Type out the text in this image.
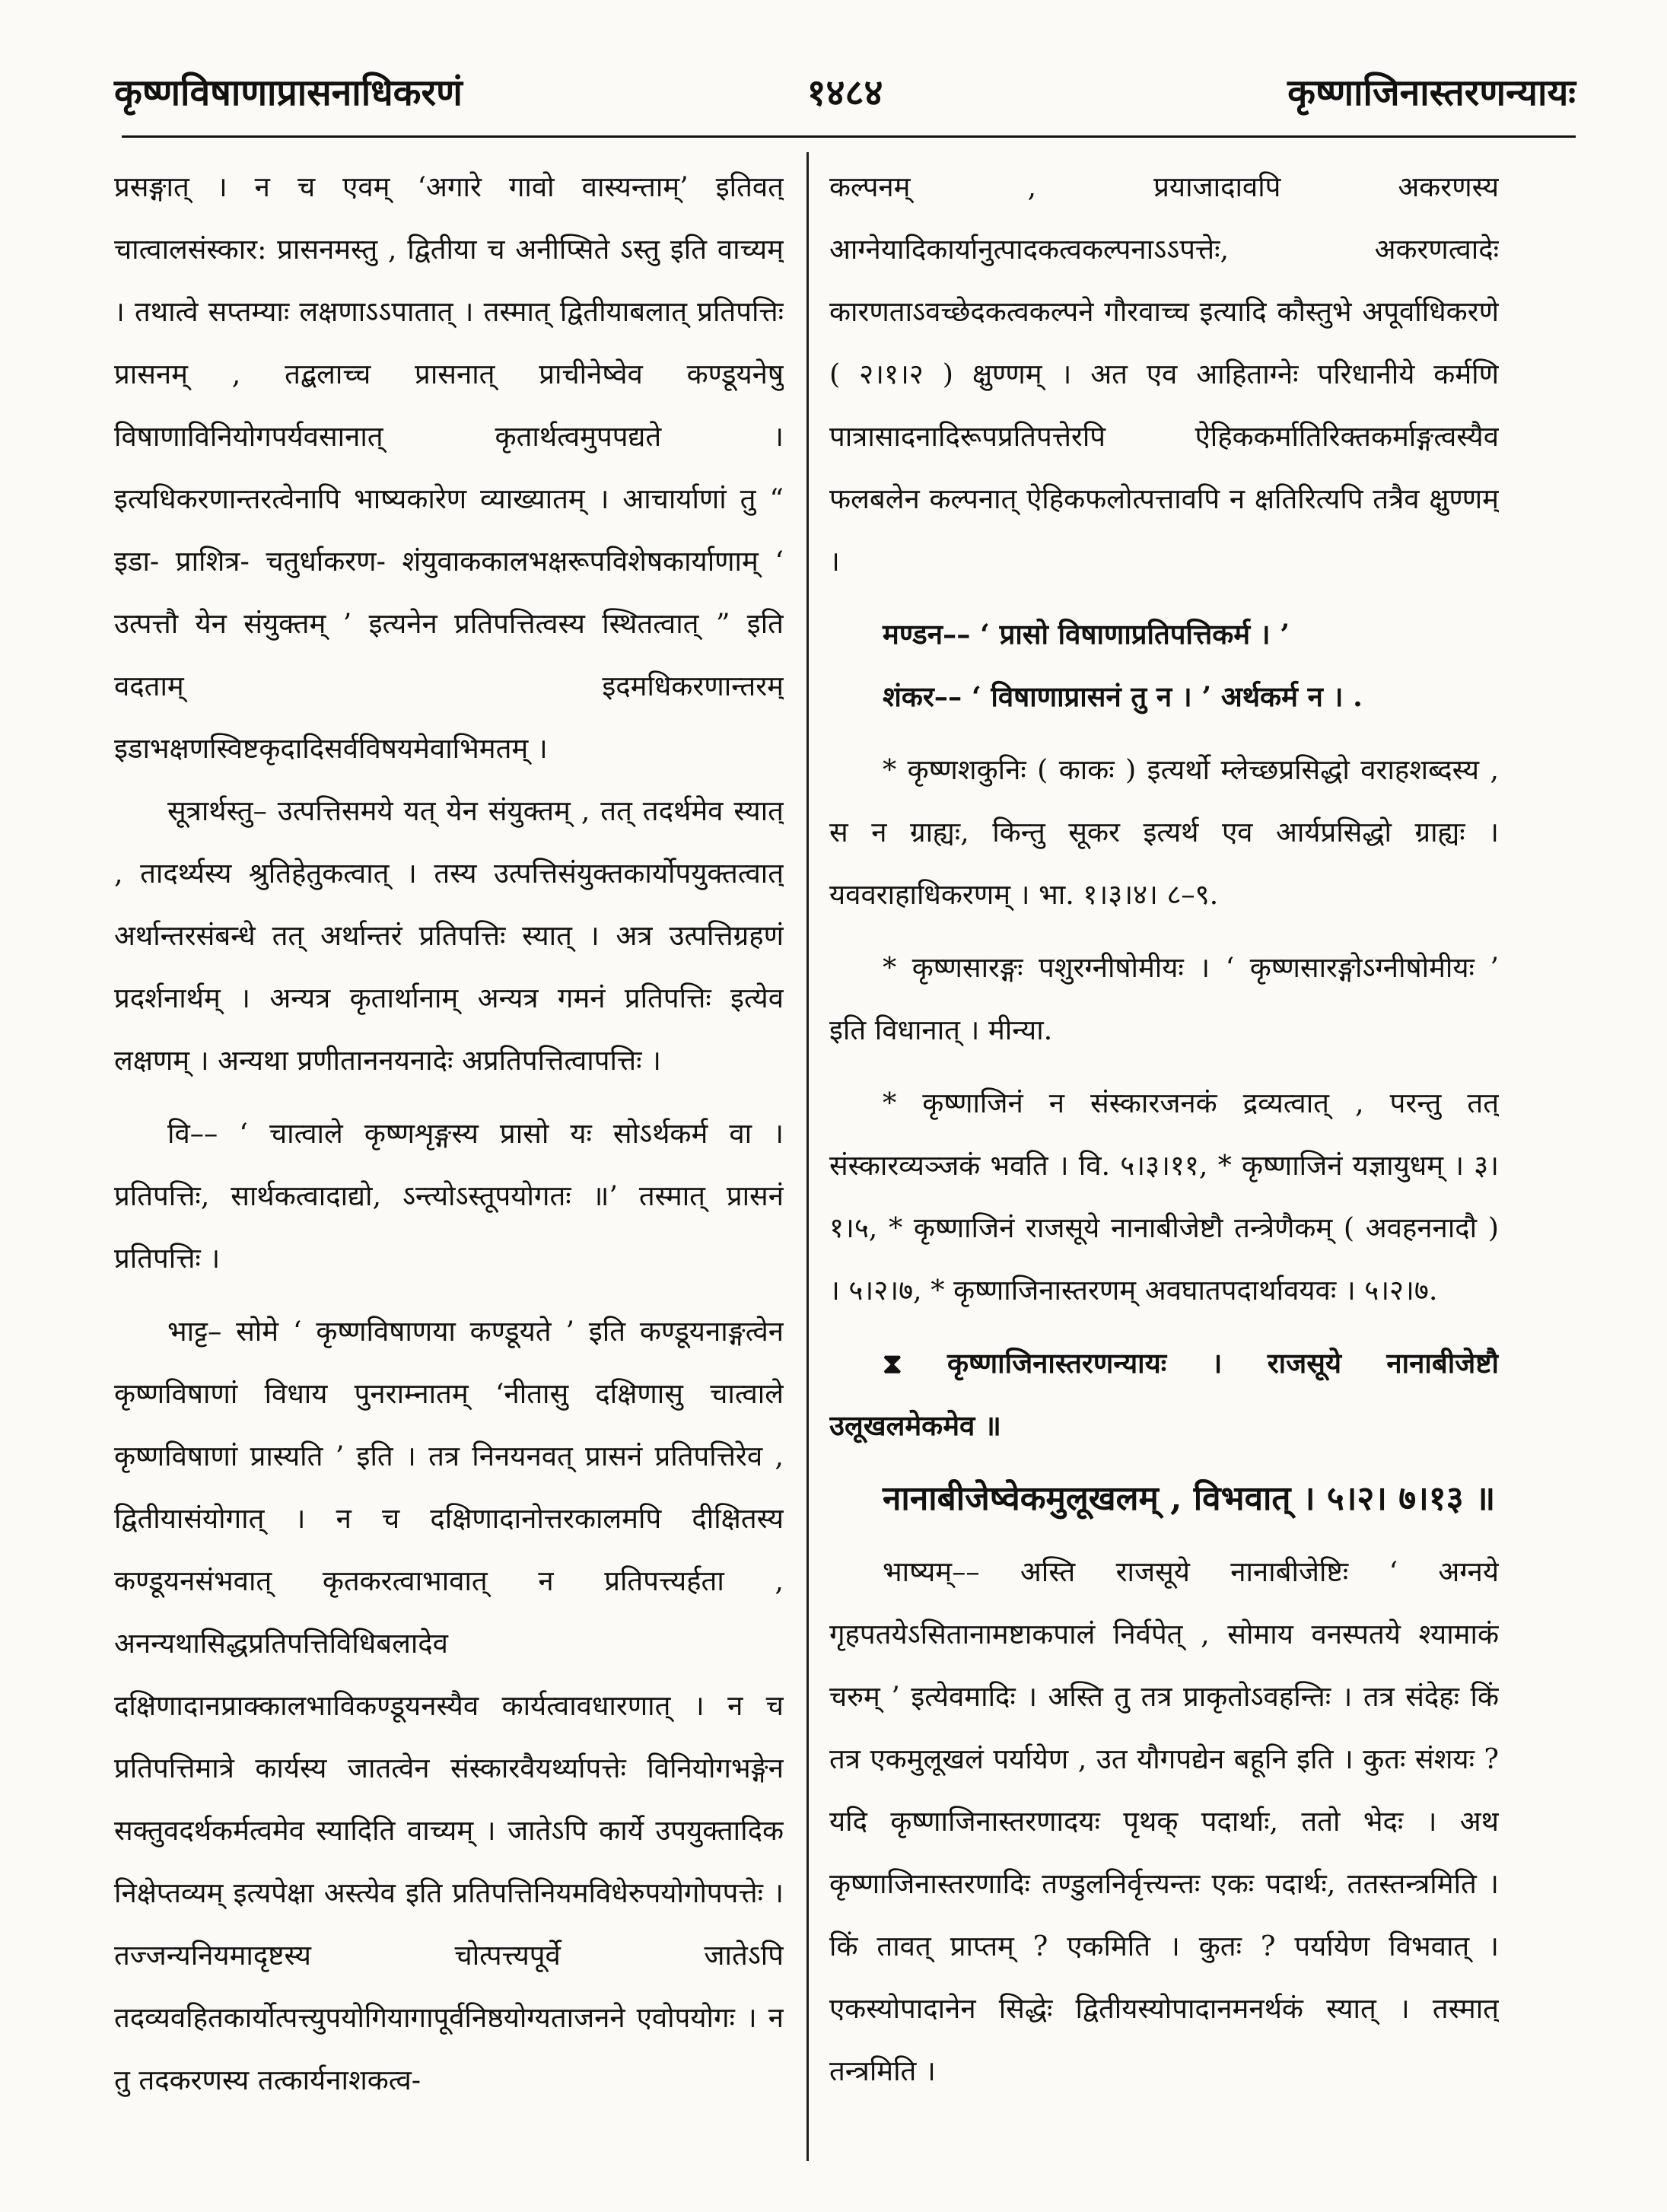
कृष्णविषाणाप्रासनाधिकरणं	१४८४	कृष्णाजिनास्तरणन्यायः

प्रसङ्गात् । न च एवम् ‘अगारे गावो वास्यन्ताम्’ इतिवत् चात्वालसंस्कार: प्रासनमस्तु , द्वितीया च अनीप्सिते ऽस्तु इति वाच्यम् । तथात्वे सप्तम्याः लक्षणाऽऽपातात् । तस्मात् द्वितीयाबलात् प्रतिपत्तिः प्रासनम् , तद्बलाच्च प्रासनात् प्राचीनेष्वेव कण्डूयनेषु विषाणाविनियोगपर्यवसानात् कृतार्थत्वमुपपद्यते । इत्यधिकरणान्तरत्वेनापि भाष्यकारेण व्याख्यातम् । आचार्याणां तु “ इडा- प्राशित्र- चतुर्धाकरण- शंयुवाककालभक्षरूपविशेषकार्याणाम् ‘ उत्पत्तौ येन संयुक्तम् ’ इत्यनेन प्रतिपत्तित्वस्य स्थितत्वात् ” इति वदताम् इदमधिकरणान्तरम् इडाभक्षणस्विष्टकृदादिसर्वविषयमेवाभिमतम् ।

सूत्रार्थस्तु– उत्पत्तिसमये यत् येन संयुक्तम् , तत् तदर्थमेव स्यात् , तादर्थ्यस्य श्रुतिहेतुकत्वात् । तस्य उत्पत्तिसंयुक्तकार्योपयुक्तत्वात् अर्थान्तरसंबन्धे तत् अर्थान्तरं प्रतिपत्तिः स्यात् । अत्र उत्पत्तिग्रहणं प्रदर्शनार्थम् । अन्यत्र कृतार्थानाम् अन्यत्र गमनं प्रतिपत्तिः इत्येव लक्षणम् । अन्यथा प्रणीताननयनादेः अप्रतिपत्तित्वापत्तिः ।

वि–– ‘ चात्वाले कृष्णशृङ्गस्य प्रासो यः सोऽर्थकर्म वा । प्रतिपत्तिः, सार्थकत्वादाद्यो, ऽन्त्योऽस्तूपयोगतः ॥’ तस्मात् प्रासनं प्रतिपत्तिः ।

भाट्ट– सोमे ‘ कृष्णविषाणया कण्डूयते ’ इति कण्डूयनाङ्गत्वेन कृष्णविषाणां विधाय पुनराम्नातम् ‘नीतासु दक्षिणासु चात्वाले कृष्णविषाणां प्रास्यति ’ इति । तत्र निनयनवत् प्रासनं प्रतिपत्तिरेव , द्वितीयासंयोगात् । न च दक्षिणादानोत्तरकालमपि दीक्षितस्य कण्डूयनसंभवात् कृतकरत्वाभावात् न प्रतिपत्त्यर्हता , अनन्यथासिद्धप्रतिपत्तिविधिबलादेव दक्षिणादानप्राक्कालभाविकण्डूयनस्यैव कार्यत्वावधारणात् । न च प्रतिपत्तिमात्रे कार्यस्य जातत्वेन संस्कारवैयर्थ्यापत्तेः विनियोगभङ्गेन सक्तुवदर्थकर्मत्वमेव स्यादिति वाच्यम् । जातेऽपि कार्ये उपयुक्तादिक निक्षेप्तव्यम् इत्यपेक्षा अस्त्येव इति प्रतिपत्तिनियमविधेरुपयोगोपपत्तेः । तज्जन्यनियमादृष्टस्य चोत्पत्त्यपूर्वे जातेऽपि तदव्यवहितकार्योत्पत्त्युपयोगियागापूर्वनिष्ठयोग्यताजनने एवोपयोगः । न तु तदकरणस्य तत्कार्यनाशकत्व-

कल्पनम् , प्रयाजादावपि अकरणस्य आग्नेयादिकार्यानुत्पादकत्वकल्पनाऽऽपत्तेः, अकरणत्वादेः कारणताऽवच्छेदकत्वकल्पने गौरवाच्च इत्यादि कौस्तुभे अपूर्वाधिकरणे ( २।१।२ ) क्षुण्णम् । अत एव आहिताग्नेः परिधानीये कर्मणि पात्रासादनादिरूपप्रतिपत्तेरपि ऐहिककर्मातिरिक्तकर्माङ्गत्वस्यैव फलबलेन कल्पनात् ऐहिकफलोत्पत्तावपि न क्षतिरित्यपि तत्रैव क्षुण्णम् ।

मण्डन–– ‘ प्रासो विषाणाप्रतिपत्तिकर्म । ’

शंकर–– ‘ विषाणाप्रासनं तु न । ’ अर्थकर्म न । .

* कृष्णशकुनिः ( काकः ) इत्यर्थो म्लेच्छप्रसिद्धो वराहशब्दस्य , स न ग्राह्यः, किन्तु सूकर इत्यर्थ एव आर्यप्रसिद्धो ग्राह्यः । यववराहाधिकरणम् । भा. १।३।४। ८–९.

* कृष्णसारङ्गः पशुरग्नीषोमीयः । ‘ कृष्णसारङ्गोऽग्नीषोमीयः ’ इति विधानात् । मीन्या.

* कृष्णाजिनं न संस्कारजनकं द्रव्यत्वात् , परन्तु तत् संस्कारव्यञ्जकं भवति । वि. ५।३।११, * कृष्णाजिनं यज्ञायुधम् । ३।१।५, * कृष्णाजिनं राजसूये नानाबीजेष्टौ तन्त्रेणैकम् ( अवहननादौ ) । ५।२।७, * कृष्णाजिनास्तरणम् अवघातपदार्थावयवः । ५।२।७.

⧗ कृष्णाजिनास्तरणन्यायः । राजसूये नानाबीजेष्टौ उलूखलमेकमेव ॥

नानाबीजेष्वेकमुलूखलम् , विभवात् । ५।२। ७।१३ ॥

भाष्यम्–– अस्ति राजसूये नानाबीजेष्टिः ‘ अग्नये गृहपतयेऽसितानामष्टाकपालं निर्वपेत् , सोमाय वनस्पतये श्यामाकं चरुम् ’ इत्येवमादिः । अस्ति तु तत्र प्राकृतोऽवहन्तिः । तत्र संदेहः किं तत्र एकमुलूखलं पर्यायेण , उत यौगपद्येन बहूनि इति । कुतः संशयः ? यदि कृष्णाजिनास्तरणादयः पृथक् पदार्थाः, ततो भेदः । अथ कृष्णाजिनास्तरणादिः तण्डुलनिर्वृत्त्यन्तः एकः पदार्थः, ततस्तन्त्रमिति । किं तावत् प्राप्तम् ? एकमिति । कुतः ? पर्यायेण विभवात् । एकस्योपादानेन सिद्धेः द्वितीयस्योपादानमनर्थकं स्यात् । तस्मात् तन्त्रमिति ।
